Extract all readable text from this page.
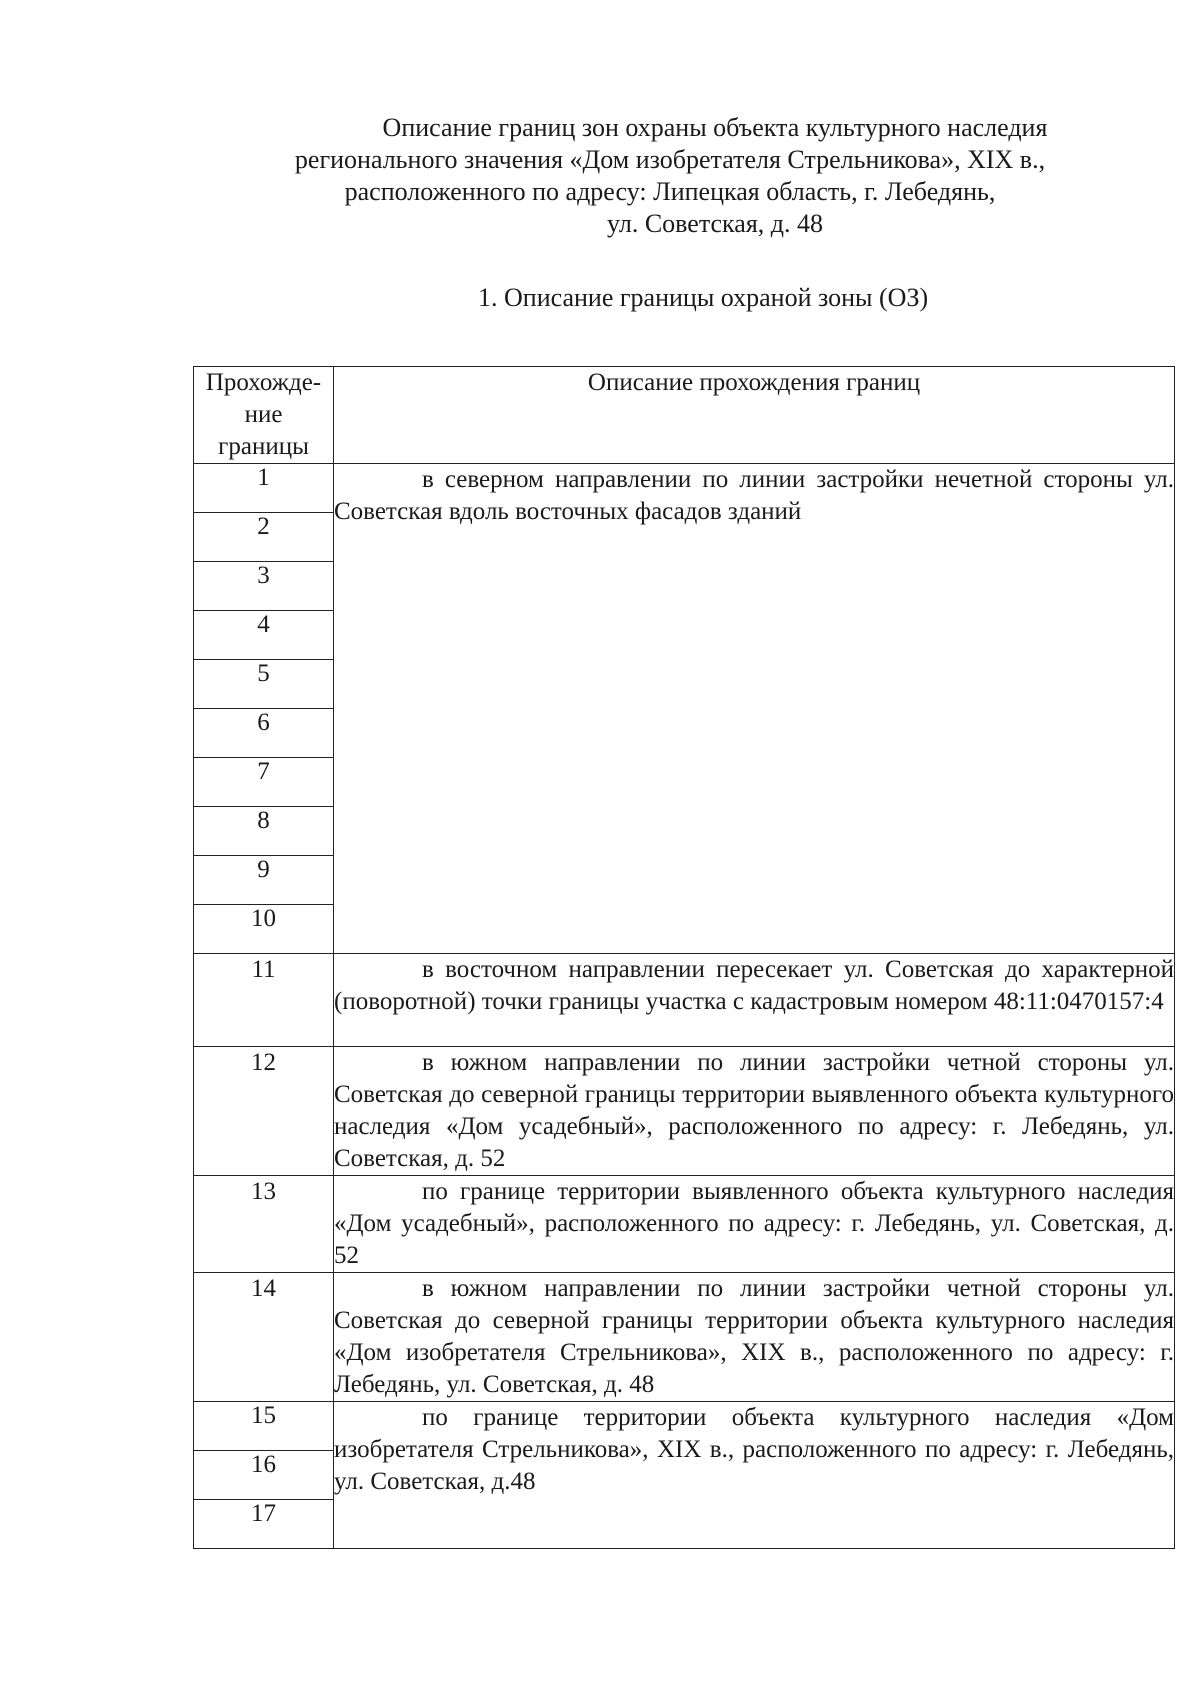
Описание границ зон охраны объекта культурного наследия
регионального значения «Дом изобретателя Стрельникова», XIX в.,
расположенного по адресу: Липецкая область, г. Лебедянь,
ул. Советская, д. 48
1. Описание границы охраной зоны (ОЗ)
Прохожде-
ние
границы	Описание прохождения границ
1	в северном направлении по линии застройки нечетной стороны ул. Советская вдоль восточных фасадов зданий

2	
3	
4	
5	
6	
7	
8	
9	
10	
11	в восточном направлении пересекает ул. Советская до характерной (поворотной) точки границы участка с кадастровым номером 48:11:0470157:4

12	в южном направлении по линии застройки четной стороны ул. Советская до северной границы территории выявленного объекта культурного наследия «Дом усадебный», расположенного по адресу: г. Лебедянь, ул. Советская, д. 52

13	по границе территории выявленного объекта культурного наследия «Дом усадебный», расположенного по адресу: г. Лебедянь, ул. Советская, д. 52

14	в южном направлении по линии застройки четной стороны ул. Советская до северной границы территории объекта культурного наследия «Дом изобретателя Стрельникова», XIX в., расположенного по адресу: г. Лебедянь, ул. Советская, д. 48

15	по границе территории объекта культурного наследия «Дом изобретателя Стрельникова», XIX в., расположенного по адресу: г. Лебедянь, ул. Советская, д.48

16	
17	
